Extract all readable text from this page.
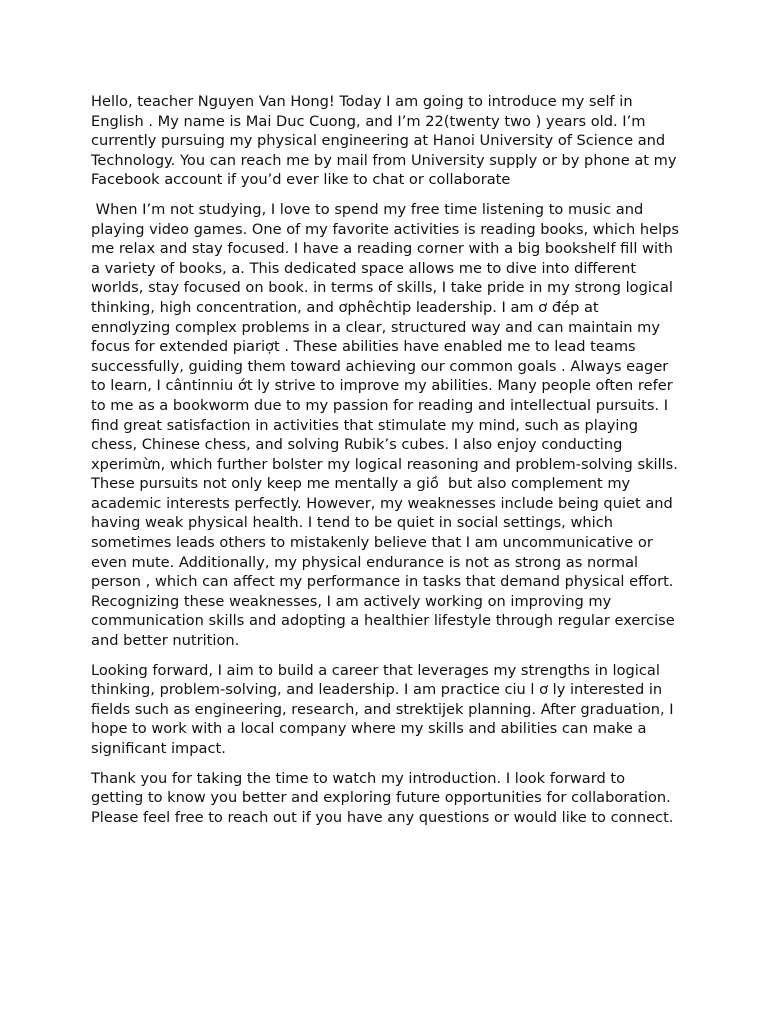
Hello, teacher Nguyen Van Hong! Today I am going to introduce my self in English . My name is Mai Duc Cuong, and I’m 22(twenty two ) years old. I’m currently pursuing my physical engineering at Hanoi University of Science and Technology. You can reach me by mail from University supply or by phone at my Facebook account if you’d ever like to chat or collaborate

When I’m not studying, I love to spend my free time listening to music and playing video games. One of my favorite activities is reading books, which helps me relax and stay focused. I have a reading corner with a big bookshelf fill with a variety of books, a. This dedicated space allows me to dive into different worlds, stay focused on book. in terms of skills, I take pride in my strong logical thinking, high concentration, and ơphêchtip leadership. I am ơ đép at ennơlyzing complex problems in a clear, structured way and can maintain my focus for extended piariợt . These abilities have enabled me to lead teams successfully, guiding them toward achieving our common goals . Always eager to learn, I cântinniu ớt ly strive to improve my abilities. Many people often refer to me as a bookworm due to my passion for reading and intellectual pursuits. I find great satisfaction in activities that stimulate my mind, such as playing chess, Chinese chess, and solving Rubik’s cubes. I also enjoy conducting xperimừn, which further bolster my logical reasoning and problem-solving skills. These pursuits not only keep me mentally a giồ  but also complement my academic interests perfectly. However, my weaknesses include being quiet and having weak physical health. I tend to be quiet in social settings, which sometimes leads others to mistakenly believe that I am uncommunicative or even mute. Additionally, my physical endurance is not as strong as normal person , which can affect my performance in tasks that demand physical effort. Recognizing these weaknesses, I am actively working on improving my communication skills and adopting a healthier lifestyle through regular exercise and better nutrition.

Looking forward, I aim to build a career that leverages my strengths in logical thinking, problem-solving, and leadership. I am practice ciu l ơ ly interested in fields such as engineering, research, and strektijek planning. After graduation, I hope to work with a local company where my skills and abilities can make a significant impact.

Thank you for taking the time to watch my introduction. I look forward to getting to know you better and exploring future opportunities for collaboration. Please feel free to reach out if you have any questions or would like to connect.
